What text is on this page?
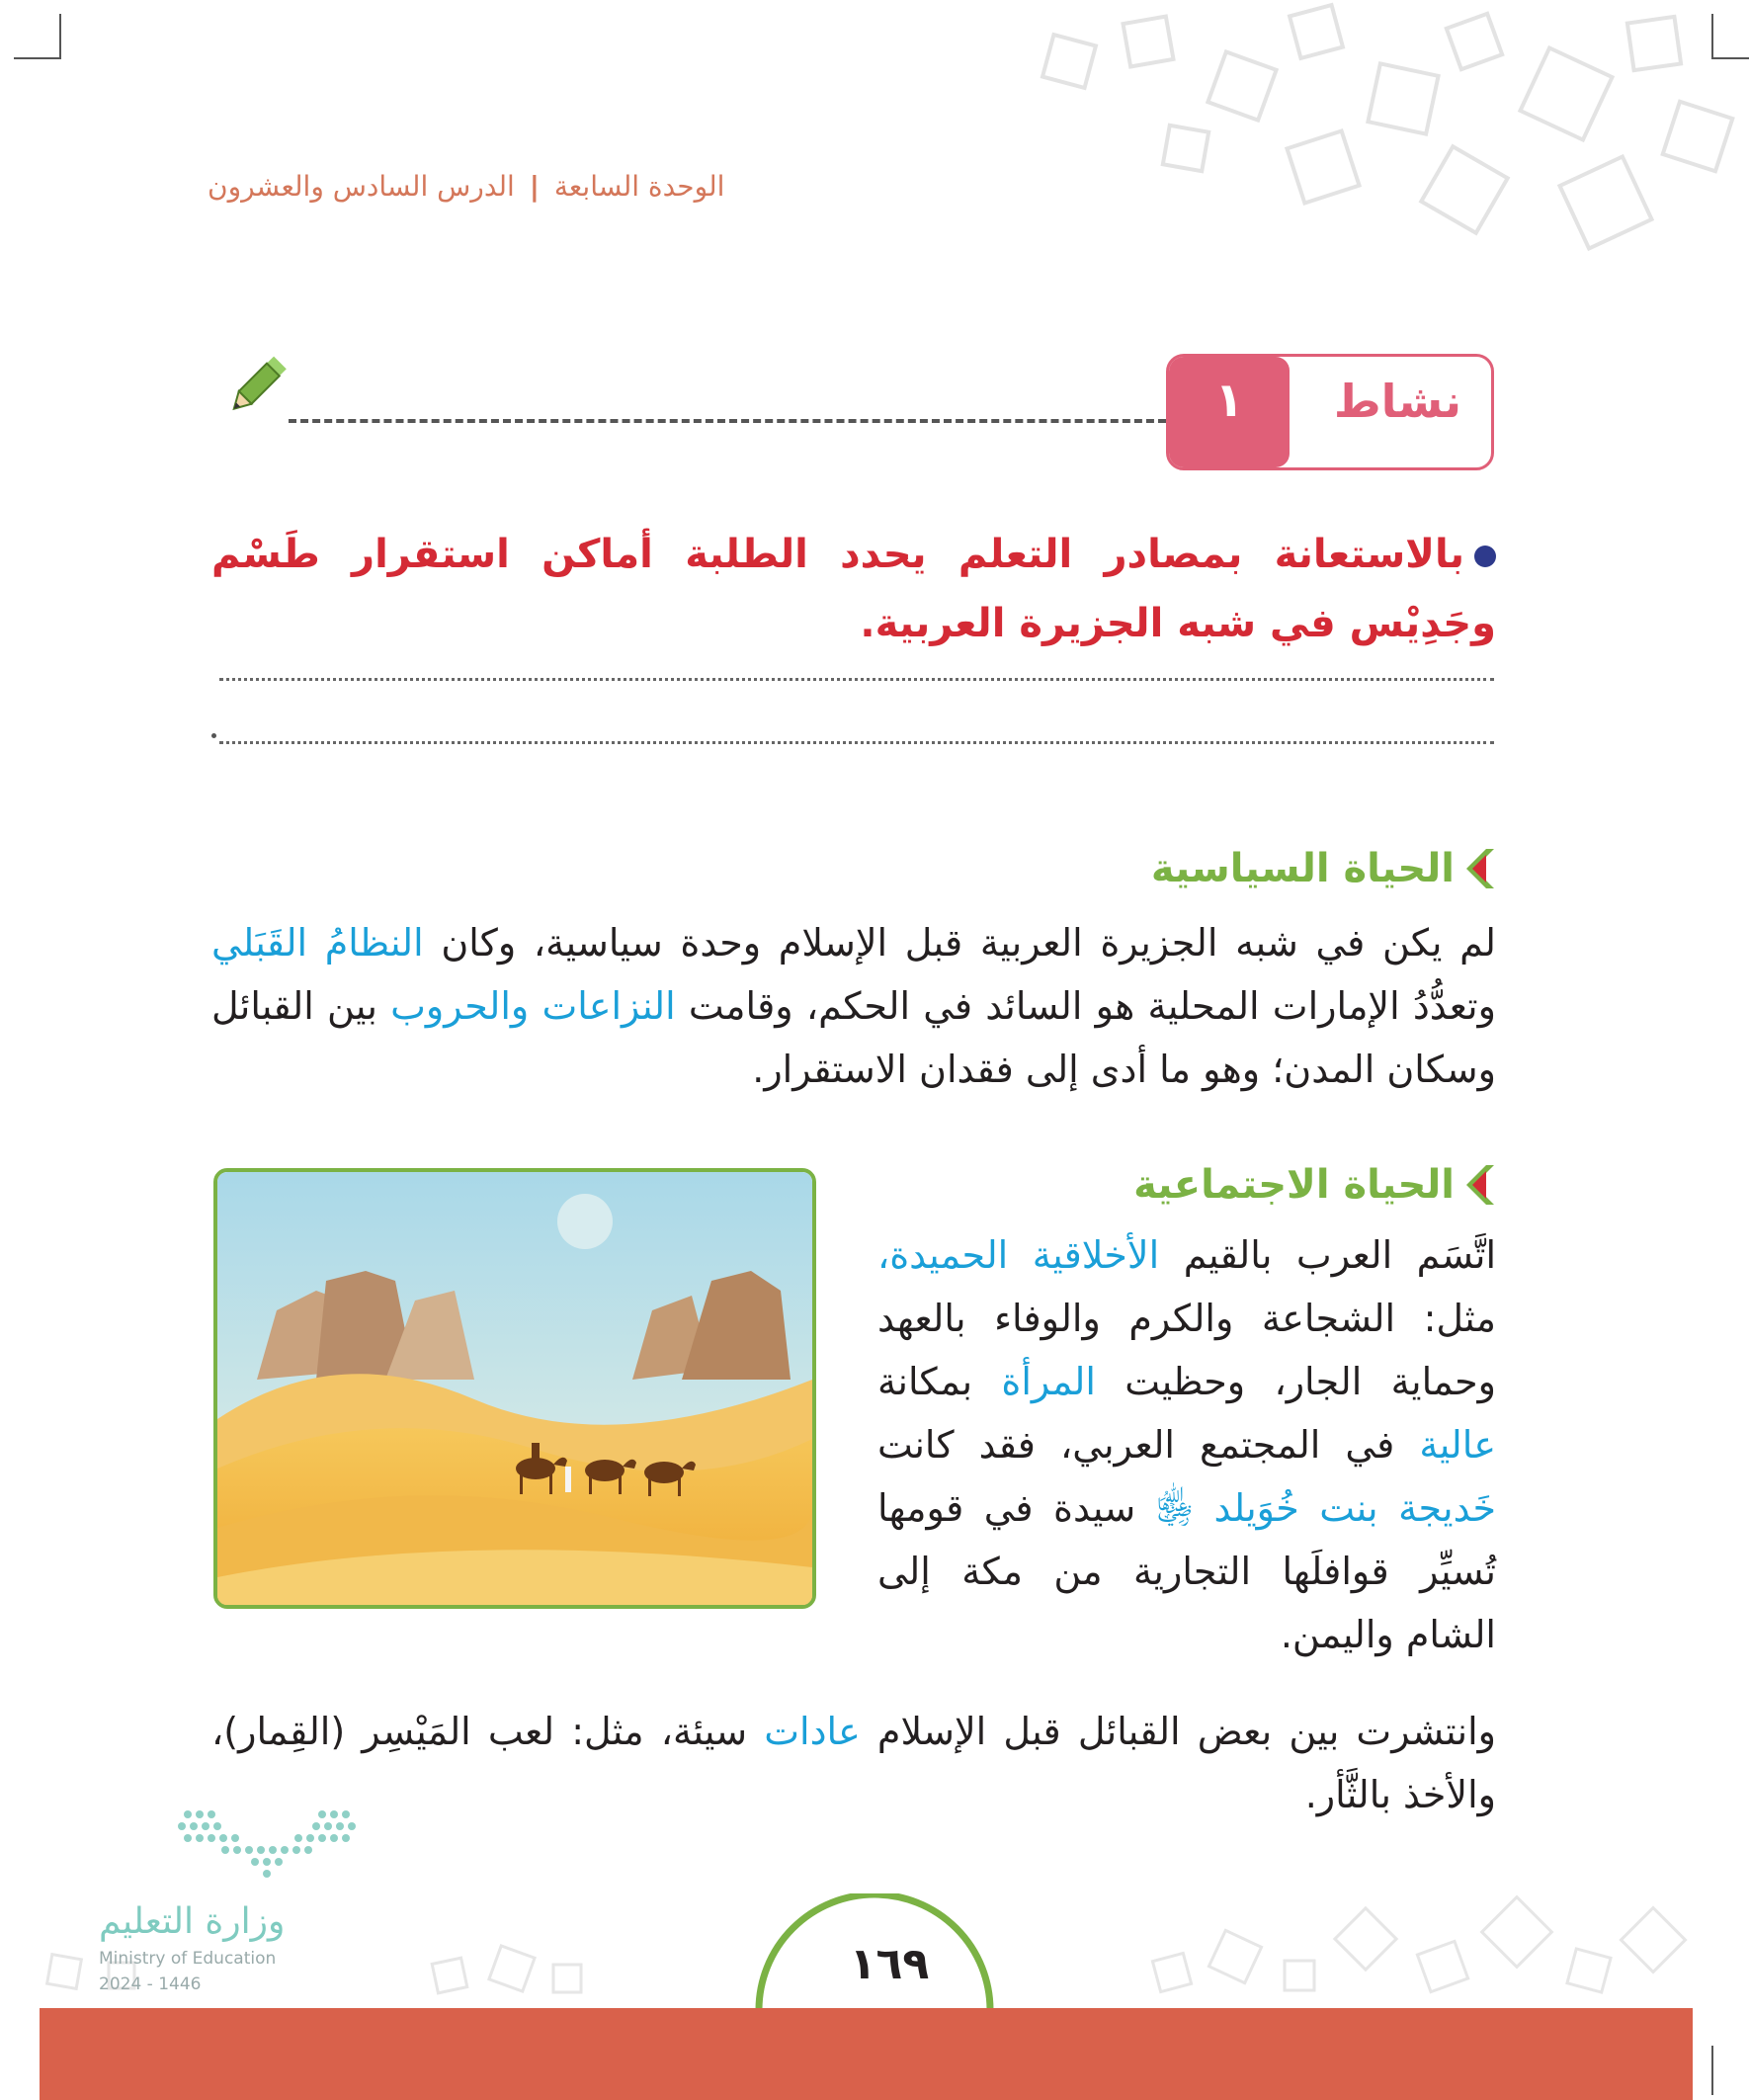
الوحدة السابعة | الدرس السادس والعشرون
١	نشاط
بالاستعانة بمصادر التعلم يحدد الطلبة أماكن استقرار طَسْم وجَدِيْس في شبه الجزيرة العربية.
الحياة السياسية
لم يكن في شبه الجزيرة العربية قبل الإسلام وحدة سياسية، وكان النظامُ القَبَلي وتعدُّدُ الإمارات المحلية هو السائد في الحكم، وقامت النزاعات والحروب بين القبائل وسكان المدن؛ وهو ما أدى إلى فقدان الاستقرار.
الحياة الاجتماعية
اتَّسَم العرب بالقيم الأخلاقية الحميدة، مثل: الشجاعة والكرم والوفاء بالعهد وحماية الجار، وحظيت المرأة بمكانة عالية في المجتمع العربي، فقد كانت خَديجة بنت خُوَيلد ﵂ سيدة في قومها تُسيِّر قوافلَها التجارية من مكة إلى الشام واليمن.
وانتشرت بين بعض القبائل قبل الإسلام عادات سيئة، مثل: لعب المَيْسِر (القِمار)، والأخذ بالثَّأر.
وزارة التعليم
Ministry of Education
2024 - 1446	١٦٩
